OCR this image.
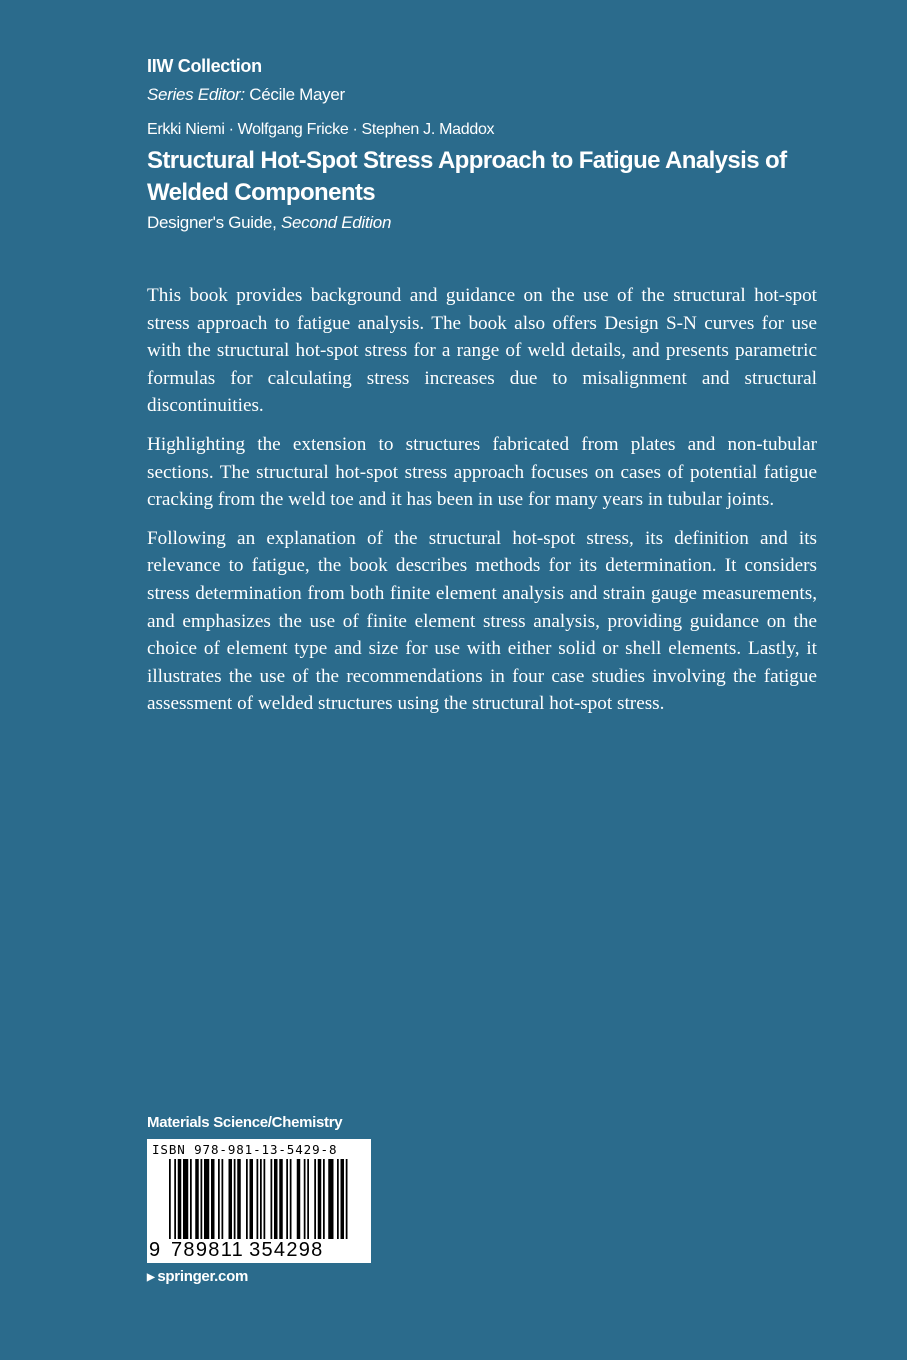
IIW Collection
Series Editor: Cécile Mayer
Erkki Niemi · Wolfgang Fricke · Stephen J. Maddox
Structural Hot-Spot Stress Approach to Fatigue Analysis of Welded Components
Designer's Guide, Second Edition

This book provides background and guidance on the use of the structural hot-spot stress approach to fatigue analysis. The book also offers Design S-N curves for use with the structural hot-spot stress for a range of weld details, and presents parametric formulas for calculating stress increases due to misalignment and structural discontinuities.

Highlighting the extension to structures fabricated from plates and non-tubular sections. The structural hot-spot stress approach focuses on cases of potential fatigue cracking from the weld toe and it has been in use for many years in tubular joints.

Following an explanation of the structural hot-spot stress, its definition and its relevance to fatigue, the book describes methods for its determination. It considers stress determination from both finite element analysis and strain gauge measurements, and emphasizes the use of finite element stress analysis, providing guidance on the choice of element type and size for use with either solid or shell elements. Lastly, it illustrates the use of the recommendations in four case studies involving the fatigue assessment of welded structures using the structural hot-spot stress.

Materials Science/Chemistry
ISBN 978-981-13-5429-8
9 789811 354298
▶ springer.com
